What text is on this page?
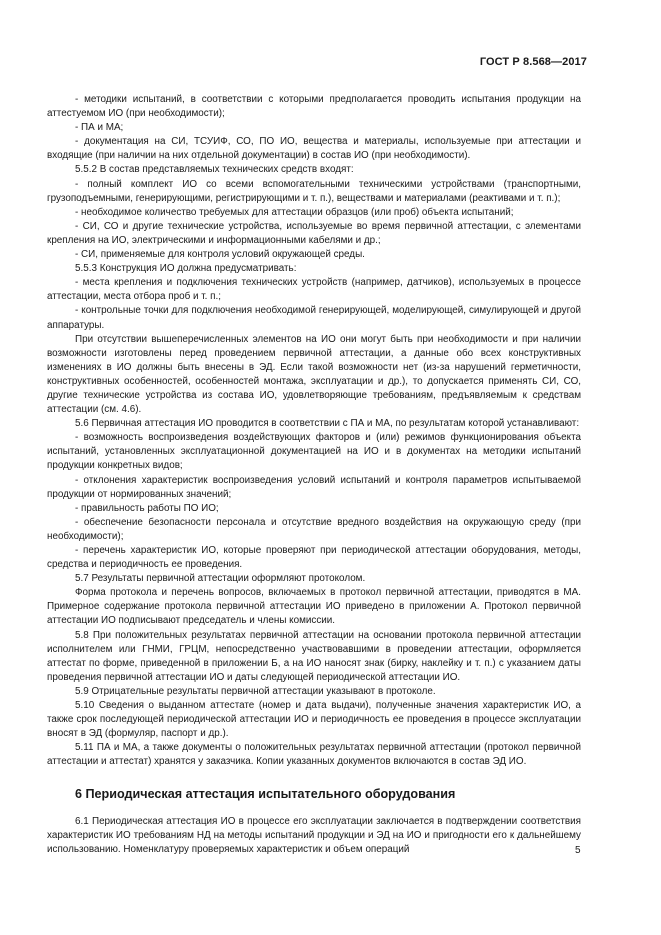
ГОСТ Р 8.568—2017

- методики испытаний, в соответствии с которыми предполагается проводить испытания продукции на аттестуемом ИО (при необходимости);

- ПА и МА;

- документация на СИ, ТСУИФ, СО, ПО ИО, вещества и материалы, используемые при аттестации и входящие (при наличии на них отдельной документации) в состав ИО (при необходимости).

5.5.2 В состав представляемых технических средств входят:

- полный комплект ИО со всеми вспомогательными техническими устройствами (транспортными, грузоподъемными, генерирующими, регистрирующими и т. п.), веществами и материалами (реактивами и т. п.);

- необходимое количество требуемых для аттестации образцов (или проб) объекта испытаний;

- СИ, СО и другие технические устройства, используемые во время первичной аттестации, с элементами крепления на ИО, электрическими и информационными кабелями и др.;

- СИ, применяемые для контроля условий окружающей среды.

5.5.3 Конструкция ИО должна предусматривать:

- места крепления и подключения технических устройств (например, датчиков), используемых в процессе аттестации, места отбора проб и т. п.;

- контрольные точки для подключения необходимой генерирующей, моделирующей, симулирующей и другой аппаратуры.

При отсутствии вышеперечисленных элементов на ИО они могут быть при необходимости и при наличии возможности изготовлены перед проведением первичной аттестации, а данные обо всех конструктивных изменениях в ИО должны быть внесены в ЭД. Если такой возможности нет (из-за нарушений герметичности, конструктивных особенностей, особенностей монтажа, эксплуатации и др.), то допускается применять СИ, СО, другие технические устройства из состава ИО, удовлетворяющие требованиям, предъявляемым к средствам аттестации (см. 4.6).

5.6 Первичная аттестация ИО проводится в соответствии с ПА и МА, по результатам которой устанавливают:

- возможность воспроизведения воздействующих факторов и (или) режимов функционирования объекта испытаний, установленных эксплуатационной документацией на ИО и в документах на методики испытаний продукции конкретных видов;

- отклонения характеристик воспроизведения условий испытаний и контроля параметров испытываемой продукции от нормированных значений;

- правильность работы ПО ИО;

- обеспечение безопасности персонала и отсутствие вредного воздействия на окружающую среду (при необходимости);

- перечень характеристик ИО, которые проверяют при периодической аттестации оборудования, методы, средства и периодичность ее проведения.

5.7 Результаты первичной аттестации оформляют протоколом.

Форма протокола и перечень вопросов, включаемых в протокол первичной аттестации, приводятся в МА. Примерное содержание протокола первичной аттестации ИО приведено в приложении А. Протокол первичной аттестации ИО подписывают председатель и члены комиссии.

5.8 При положительных результатах первичной аттестации на основании протокола первичной аттестации исполнителем или ГНМИ, ГРЦМ, непосредственно участвовавшими в проведении аттестации, оформляется аттестат по форме, приведенной в приложении Б, а на ИО наносят знак (бирку, наклейку и т. п.) с указанием даты проведения первичной аттестации ИО и даты следующей периодической аттестации ИО.

5.9 Отрицательные результаты первичной аттестации указывают в протоколе.

5.10 Сведения о выданном аттестате (номер и дата выдачи), полученные значения характеристик ИО, а также срок последующей периодической аттестации ИО и периодичность ее проведения в процессе эксплуатации вносят в ЭД (формуляр, паспорт и др.).

5.11 ПА и МА, а также документы о положительных результатах первичной аттестации (протокол первичной аттестации и аттестат) хранятся у заказчика. Копии указанных документов включаются в состав ЭД ИО.

6 Периодическая аттестация испытательного оборудования

6.1 Периодическая аттестация ИО в процессе его эксплуатации заключается в подтверждении соответствия характеристик ИО требованиям НД на методы испытаний продукции и ЭД на ИО и пригодности его к дальнейшему использованию. Номенклатуру проверяемых характеристик и объем операций	5
